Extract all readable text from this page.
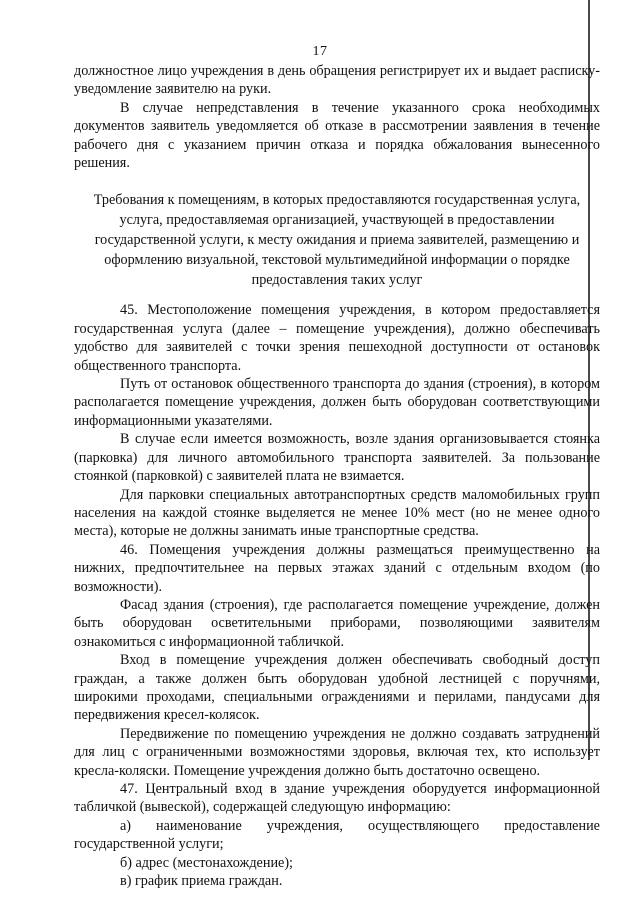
17

должностное лицо учреждения в день обращения регистрирует их и выдает расписку-уведомление заявителю на руки.

В случае непредставления в течение указанного срока необходимых документов заявитель уведомляется об отказе в рассмотрении заявления в течение рабочего дня с указанием причин отказа и порядка обжалования вынесенного решения.

Требования к помещениям, в которых предоставляются государственная услуга, услуга, предоставляемая организацией, участвующей в предоставлении государственной услуги, к месту ожидания и приема заявителей, размещению и оформлению визуальной, текстовой мультимедийной информации о порядке предоставления таких услуг

45. Местоположение помещения учреждения, в котором предоставляется государственная услуга (далее – помещение учреждения), должно обеспечивать удобство для заявителей с точки зрения пешеходной доступности от остановок общественного транспорта.

Путь от остановок общественного транспорта до здания (строения), в котором располагается помещение учреждения, должен быть оборудован соответствующими информационными указателями.

В случае если имеется возможность, возле здания организовывается стоянка (парковка) для личного автомобильного транспорта заявителей. За пользование стоянкой (парковкой) с заявителей плата не взимается.

Для парковки специальных автотранспортных средств маломобильных групп населения на каждой стоянке выделяется не менее 10% мест (но не менее одного места), которые не должны занимать иные транспортные средства.

46. Помещения учреждения должны размещаться преимущественно на нижних, предпочтительнее на первых этажах зданий с отдельным входом (по возможности).

Фасад здания (строения), где располагается помещение учреждение, должен быть оборудован осветительными приборами, позволяющими заявителям ознакомиться с информационной табличкой.

Вход в помещение учреждения должен обеспечивать свободный доступ граждан, а также должен быть оборудован удобной лестницей с поручнями, широкими проходами, специальными ограждениями и перилами, пандусами для передвижения кресел-колясок.

Передвижение по помещению учреждения не должно создавать затруднений для лиц с ограниченными возможностями здоровья, включая тех, кто использует кресла-коляски. Помещение учреждения должно быть достаточно освещено.

47. Центральный вход в здание учреждения оборудуется информационной табличкой (вывеской), содержащей следующую информацию:

а) наименование учреждения, осуществляющего предоставление

государственной услуги;

б) адрес (местонахождение);

в) график приема граждан.
